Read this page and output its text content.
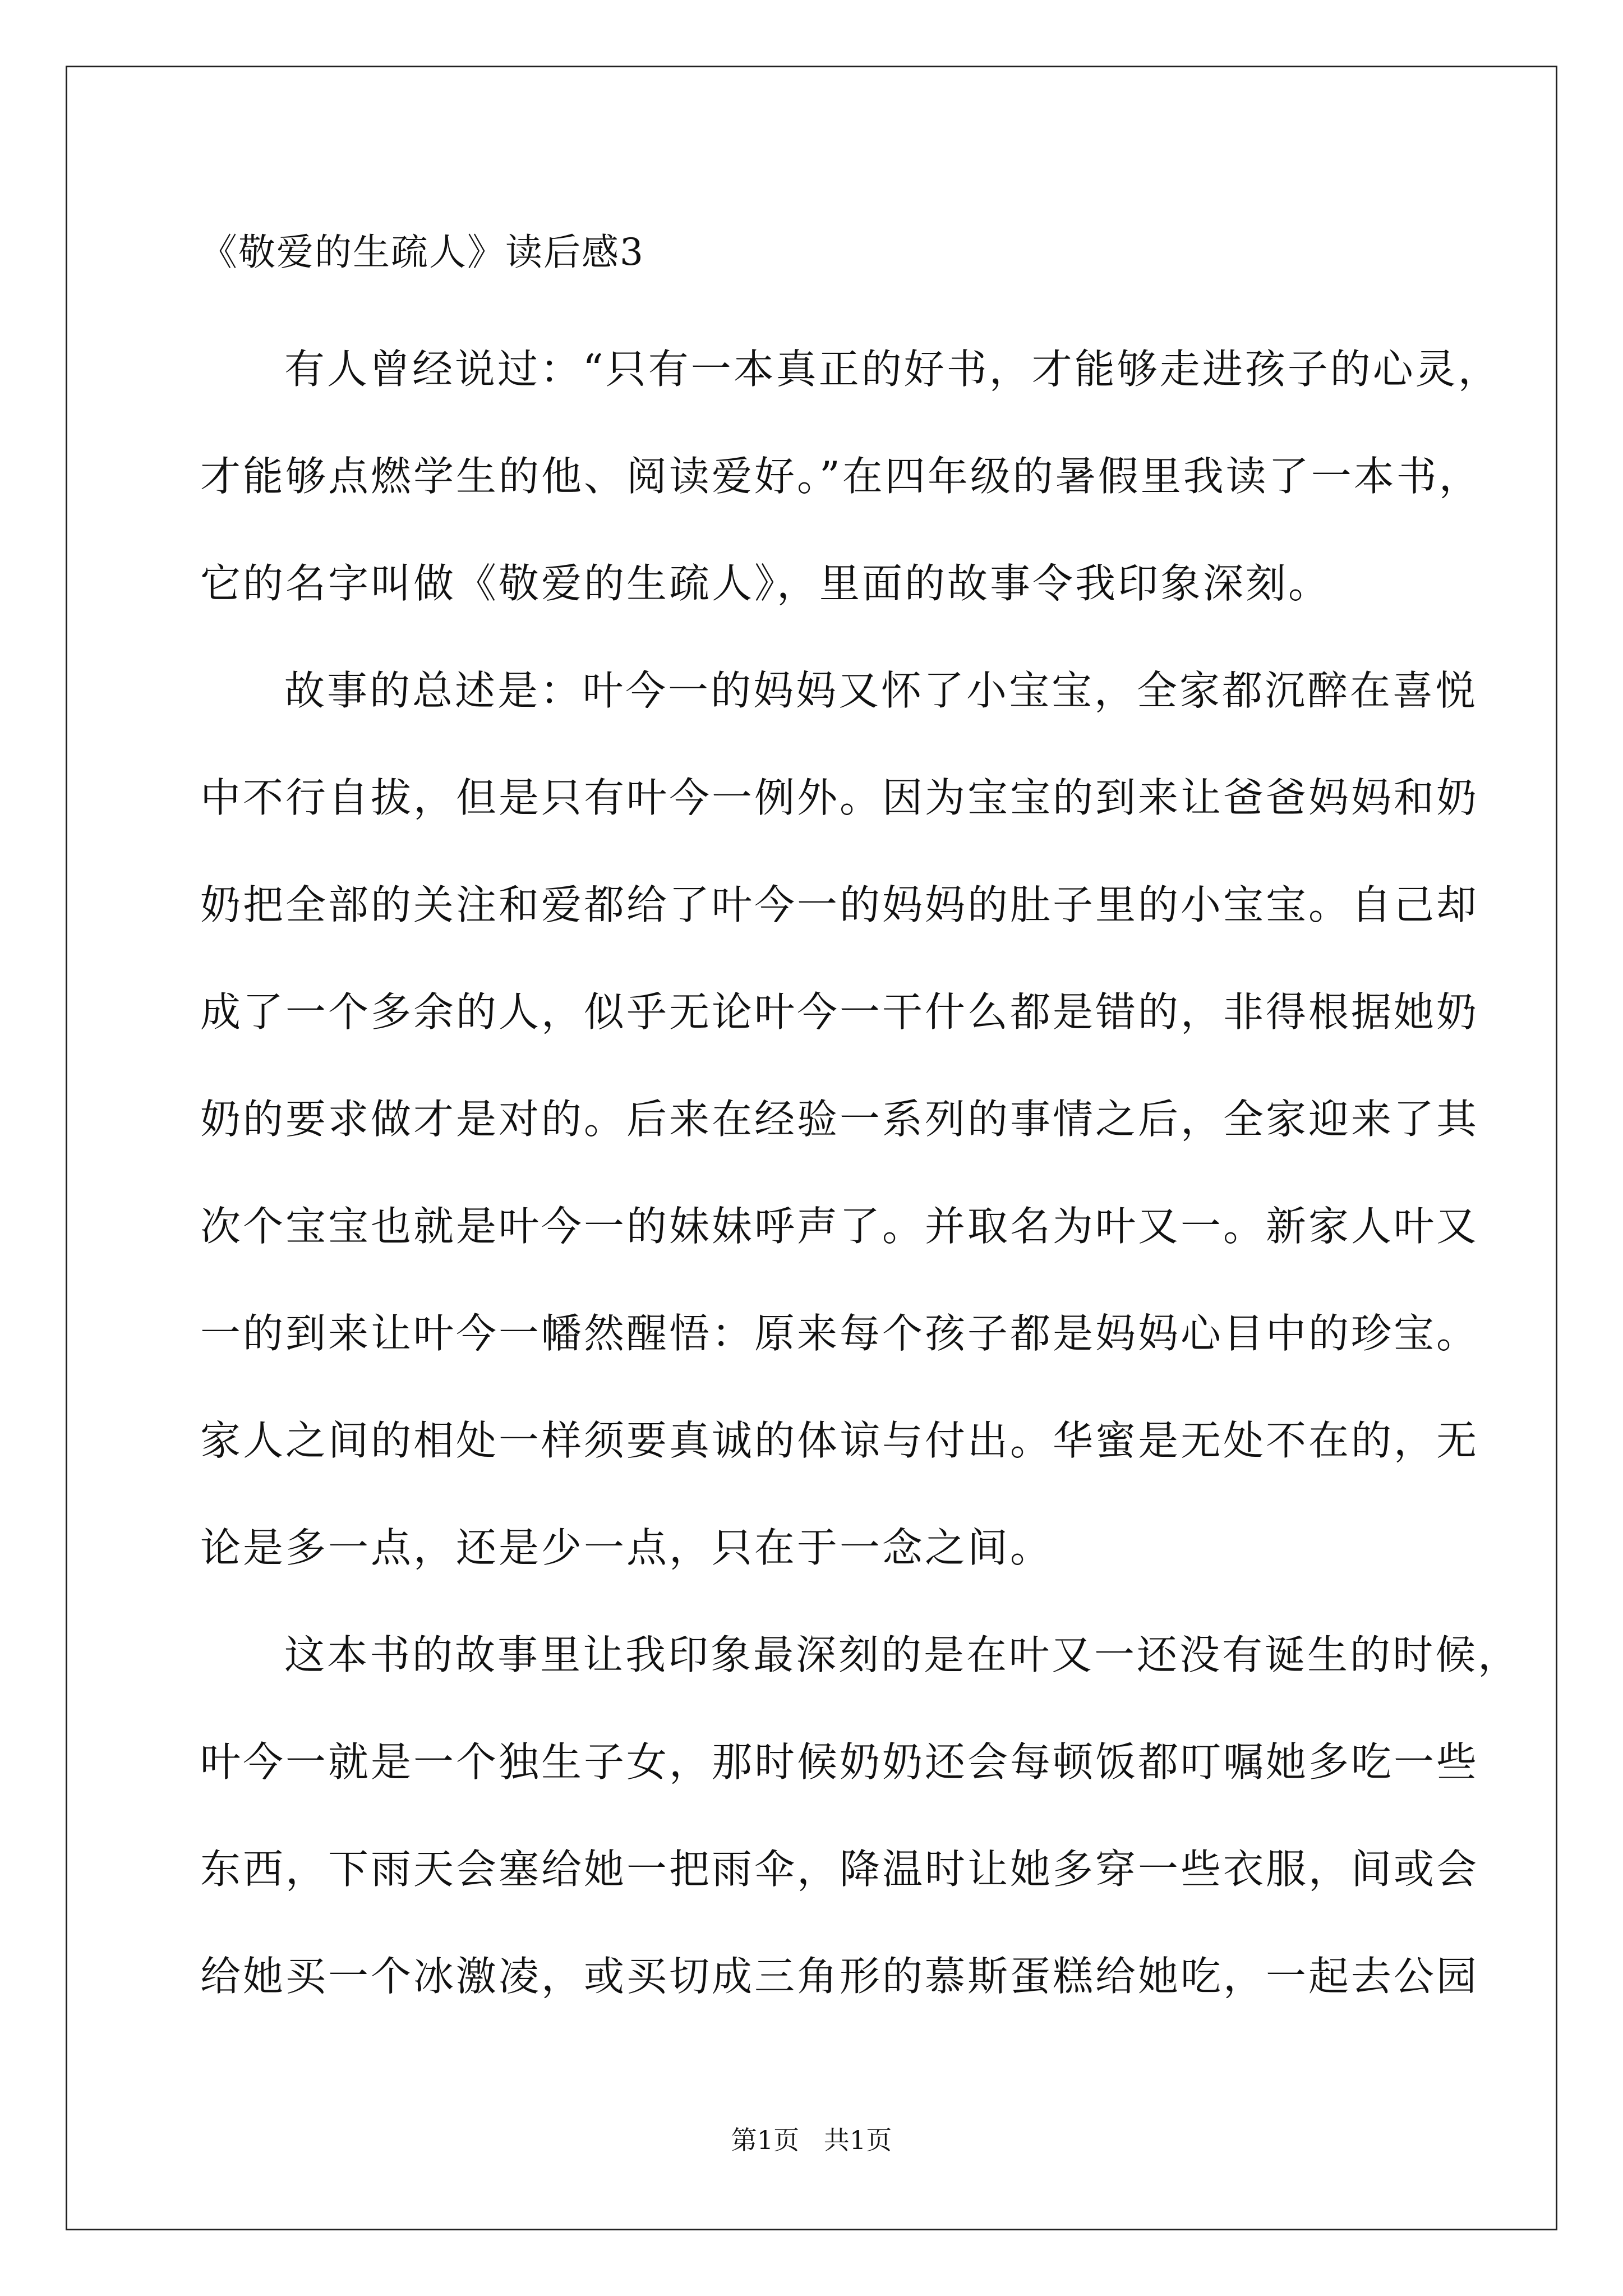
《敬爱的生疏人》读后感3
有人曾经说过：“只有一本真正的好书，才能够走进孩子的心灵，
才能够点燃学生的他、阅读爱好。”在四年级的暑假里我读了一本书，
它的名字叫做《敬爱的生疏人》，里面的故事令我印象深刻。
故事的总述是：叶今一的妈妈又怀了小宝宝，全家都沉醉在喜悦
中不行自拔，但是只有叶今一例外。因为宝宝的到来让爸爸妈妈和奶
奶把全部的关注和爱都给了叶今一的妈妈的肚子里的小宝宝。自己却
成了一个多余的人，似乎无论叶今一干什么都是错的，非得根据她奶
奶的要求做才是对的。后来在经验一系列的事情之后，全家迎来了其
次个宝宝也就是叶今一的妹妹呼声了。并取名为叶又一。新家人叶又
一的到来让叶今一幡然醒悟：原来每个孩子都是妈妈心目中的珍宝。
家人之间的相处一样须要真诚的体谅与付出。华蜜是无处不在的，无
论是多一点，还是少一点，只在于一念之间。
这本书的故事里让我印象最深刻的是在叶又一还没有诞生的时候，
叶今一就是一个独生子女，那时候奶奶还会每顿饭都叮嘱她多吃一些
东西，下雨天会塞给她一把雨伞，降温时让她多穿一些衣服，间或会
给她买一个冰激凌，或买切成三角形的慕斯蛋糕给她吃，一起去公园
第1页   共1页
